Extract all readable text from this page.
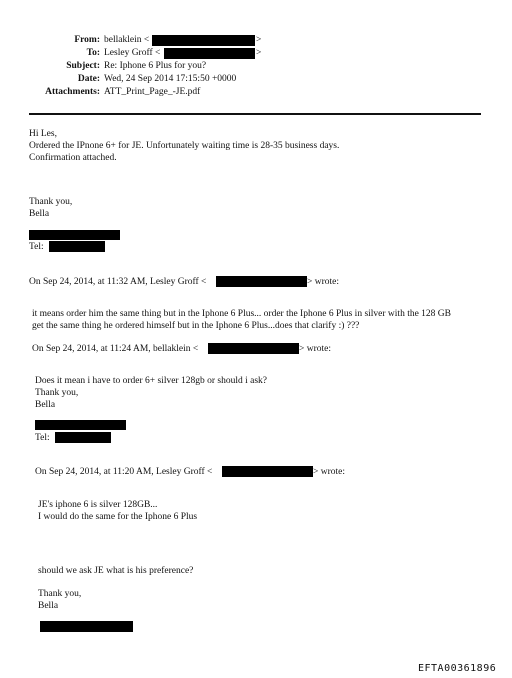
From: bellaklein <	>
To: Lesley Groff <	>
Subject: Re: Iphone 6 Plus for you?
Date: Wed, 24 Sep 2014 17:15:50 +0000
Attachments: ATT_Print_Page_-JE.pdf
Hi Les,
Ordered the IPnone 6+ for JE. Unfortunately waiting time is 28-35 business days.
Confirmation attached.
Thank you,
Bella
Tel:
On Sep 24, 2014, at 11:32 AM, Lesley Groff <	> wrote:
it means order him the same thing but in the Iphone 6 Plus... order the Iphone 6 Plus in silver with the 128 GB
get the same thing he ordered himself but in the Iphone 6 Plus...does that clarify :) ???
On Sep 24, 2014, at 11:24 AM, bellaklein <	> wrote:
Does it mean i have to order 6+ silver 128gb or should i ask?
Thank you,
Bella
Tel:
On Sep 24, 2014, at 11:20 AM, Lesley Groff <	> wrote:
JE's iphone 6 is silver 128GB...
I would do the same for the Iphone 6 Plus
should we ask JE what is his preference?
Thank you,
Bella
EFTA00361896
